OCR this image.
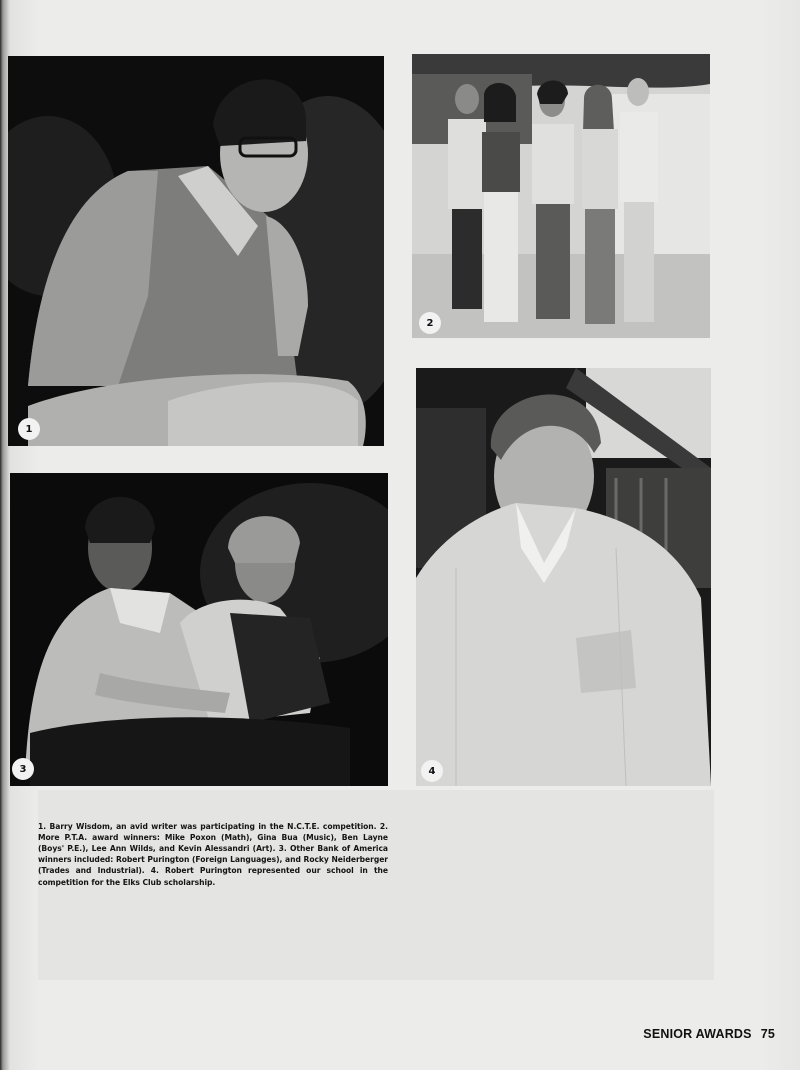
1
2
3	4

1. Barry Wisdom, an avid writer was participating in the N.C.T.E. competition. 2. More P.T.A. award winners: Mike Poxon (Math), Gina Bua (Music), Ben Layne (Boys' P.E.), Lee Ann Wilds, and Kevin Alessandri (Art). 3. Other Bank of America winners included: Robert Purington (Foreign Languages), and Rocky Neiderberger (Trades and Industrial). 4. Robert Purington represented our school in the competition for the Elks Club scholarship.

SENIOR AWARDS 75
